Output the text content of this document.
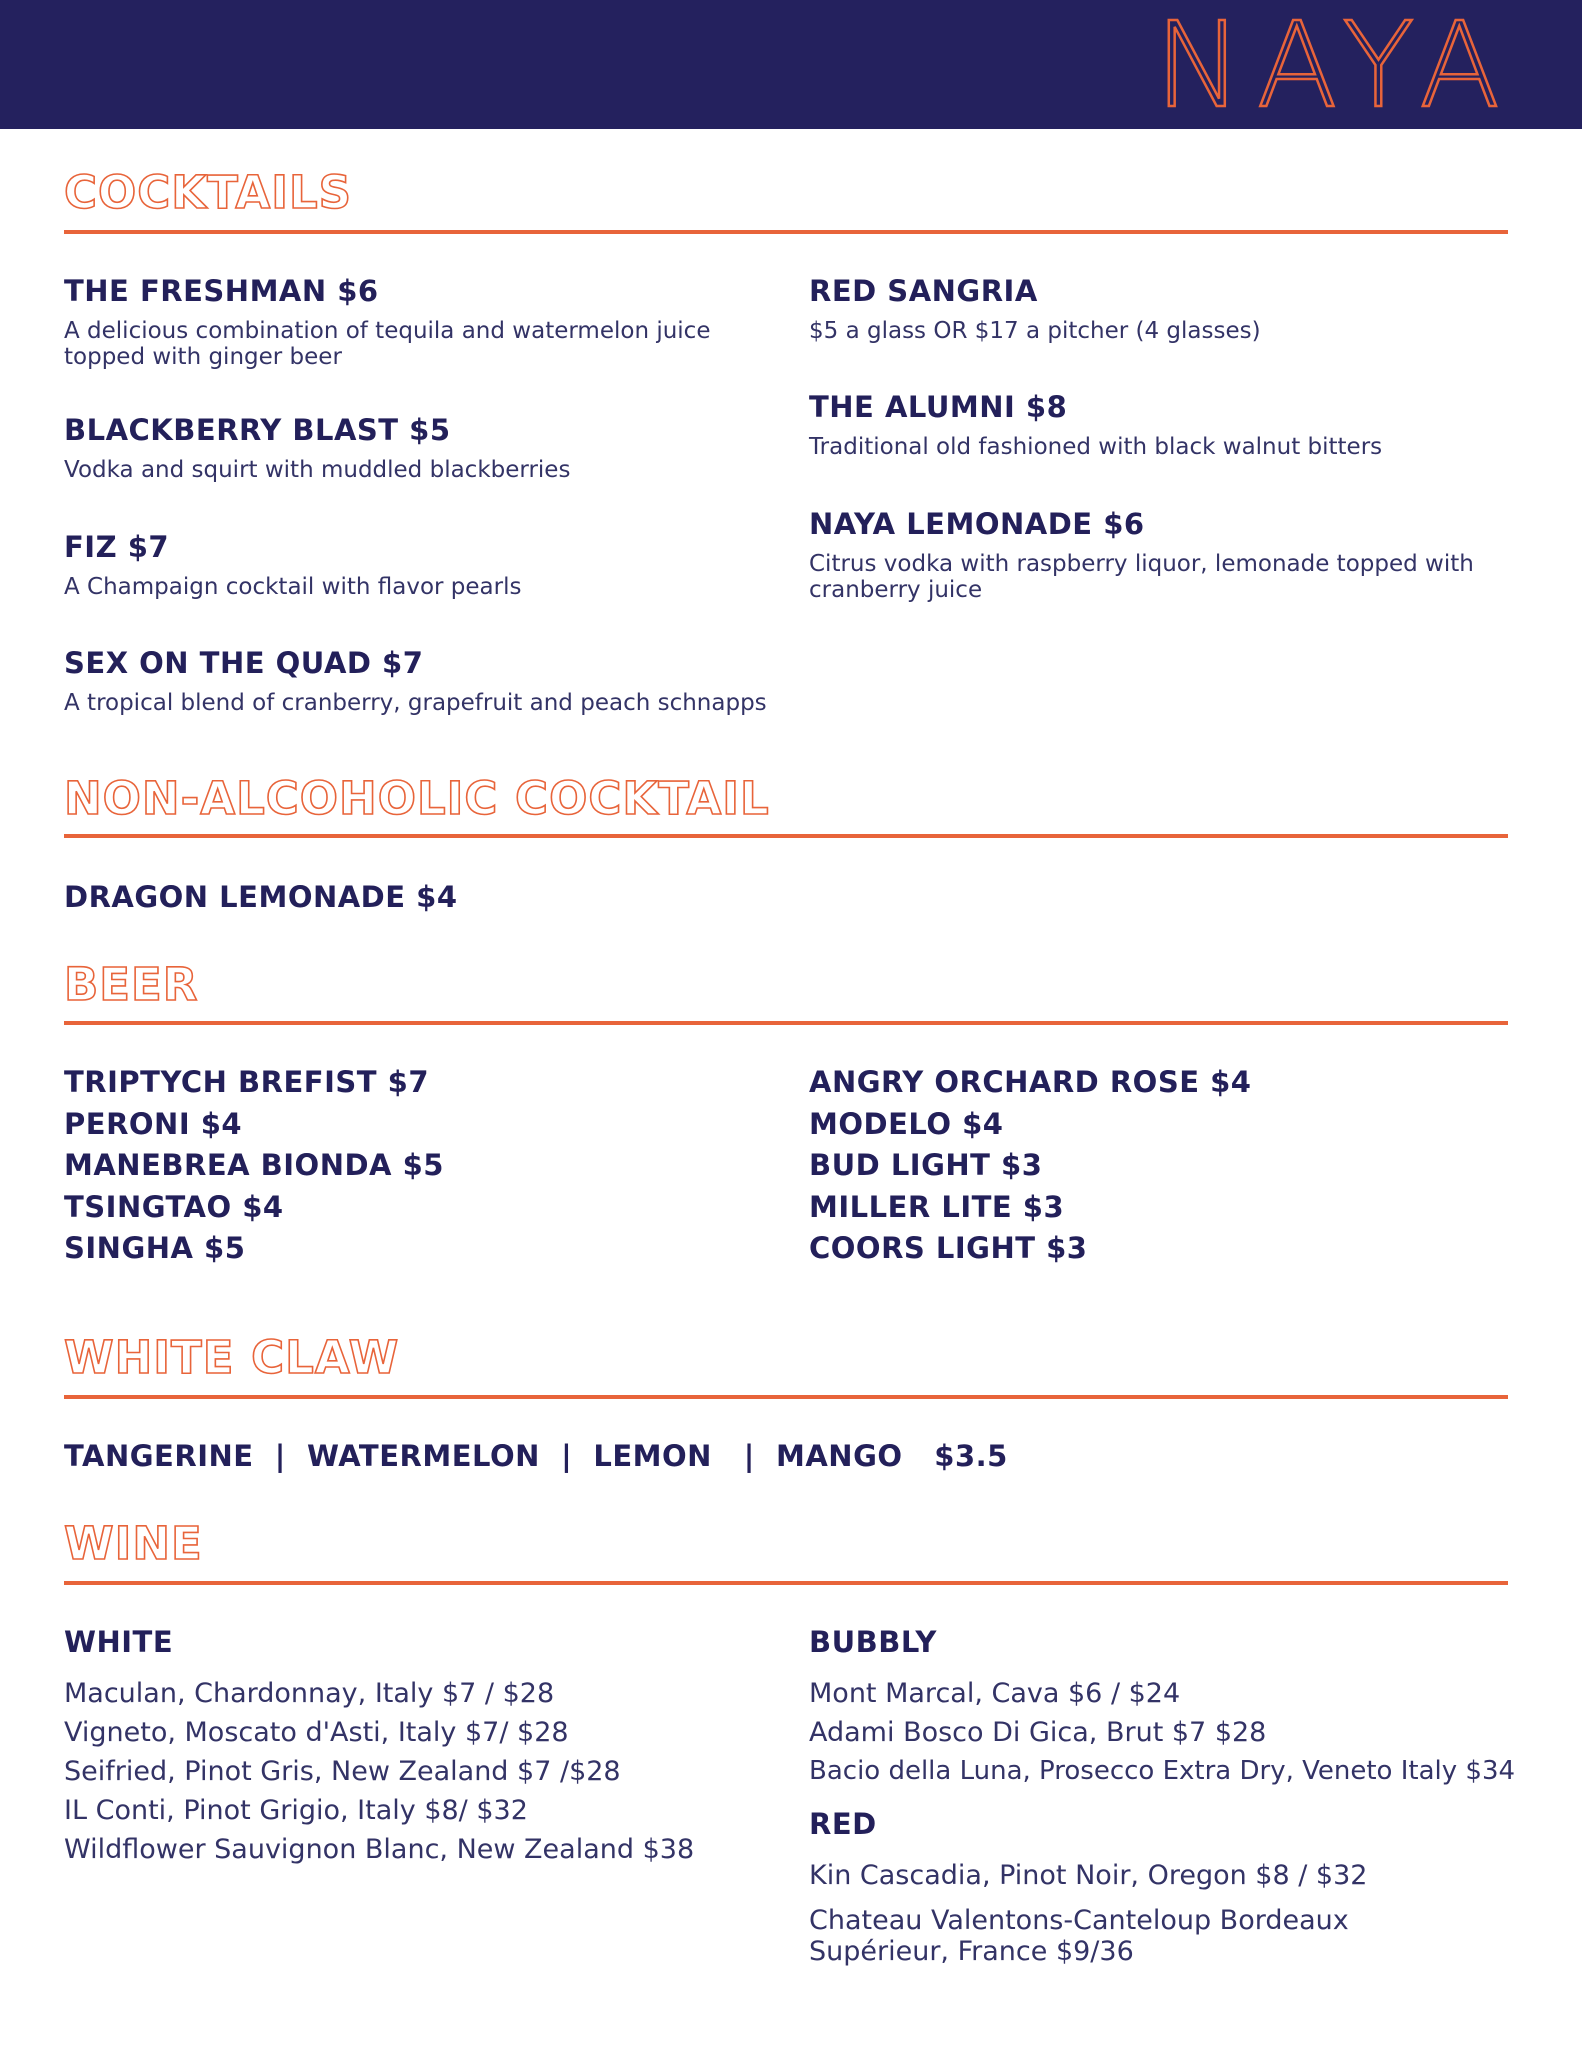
NAYA
COCKTAILS
THE FRESHMAN $6
A delicious combination of tequila and watermelon juice topped with ginger beer
BLACKBERRY BLAST $5
Vodka and squirt with muddled blackberries
FIZ $7
A Champaign cocktail with flavor pearls
SEX ON THE QUAD $7
A tropical blend of cranberry, grapefruit and peach schnapps
RED SANGRIA
$5 a glass OR $17 a pitcher (4 glasses)
THE ALUMNI $8
Traditional old fashioned with black walnut bitters
NAYA LEMONADE $6
Citrus vodka with raspberry liquor, lemonade topped with cranberry juice
NON-ALCOHOLIC COCKTAIL
DRAGON LEMONADE $4
BEER
TRIPTYCH BREFIST $7
PERONI $4
MANEBREA BIONDA $5
TSINGTAO $4
SINGHA $5
ANGRY ORCHARD ROSE $4
MODELO $4
BUD LIGHT $3
MILLER LITE $3
COORS LIGHT $3
WHITE CLAW
TANGERINE  |  WATERMELON  |  LEMON   |  MANGO   $3.5
WINE
WHITE
Maculan, Chardonnay, Italy $7 / $28
Vigneto, Moscato d'Asti, Italy $7/ $28
Seifried, Pinot Gris, New Zealand $7 /$28
IL Conti, Pinot Grigio, Italy $8/ $32
Wildflower Sauvignon Blanc, New Zealand $38
BUBBLY
Mont Marcal, Cava $6 / $24
Adami Bosco Di Gica, Brut $7 $28
Bacio della Luna, Prosecco Extra Dry, Veneto Italy $34
RED
Kin Cascadia, Pinot Noir, Oregon $8 / $32
Chateau Valentons-Canteloup Bordeaux Supérieur, France $9/36
